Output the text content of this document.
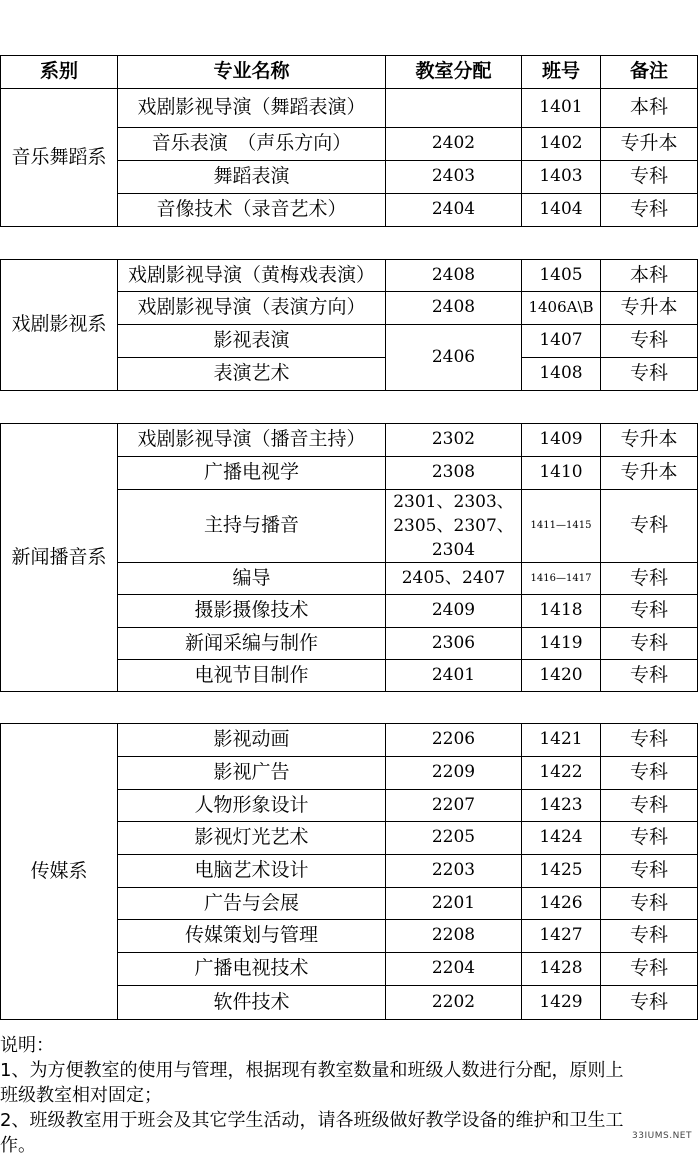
系别	专业名称	教室分配	班号	备注
音乐舞蹈系	戏剧影视导演（舞蹈表演）		1401	本科
	音乐表演　（声乐方向）	2402	1402	专升本
	舞蹈表演	2403	1403	专科
	音像技术（录音艺术）	2404	1404	专科
戏剧影视系	戏剧影视导演（黄梅戏表演）	2408	1405	本科
	戏剧影视导演（表演方向）	2408	1406A\B	专升本
	影视表演	2406	1407	专科
	表演艺术		1408	专科
新闻播音系	戏剧影视导演（播音主持）	2302	1409	专升本
	广播电视学	2308	1410	专升本
	主持与播音	2301、2303、
2305、2307、
2304	1411—1415	专科
	编导	2405、2407	1416—1417	专科
	摄影摄像技术	2409	1418	专科
	新闻采编与制作	2306	1419	专科
	电视节目制作	2401	1420	专科
传媒系	影视动画	2206	1421	专科
	影视广告	2209	1422	专科
	人物形象设计	2207	1423	专科
	影视灯光艺术	2205	1424	专科
	电脑艺术设计	2203	1425	专科
	广告与会展	2201	1426	专科
	传媒策划与管理	2208	1427	专科
	广播电视技术	2204	1428	专科
	软件技术	2202	1429	专科
说明：
1、为方便教室的使用与管理，根据现有教室数量和班级人数进行分配，原则上
班级教室相对固定；
2、班级教室用于班会及其它学生活动，请各班级做好教学设备的维护和卫生工
作。	33IUMS.NET
